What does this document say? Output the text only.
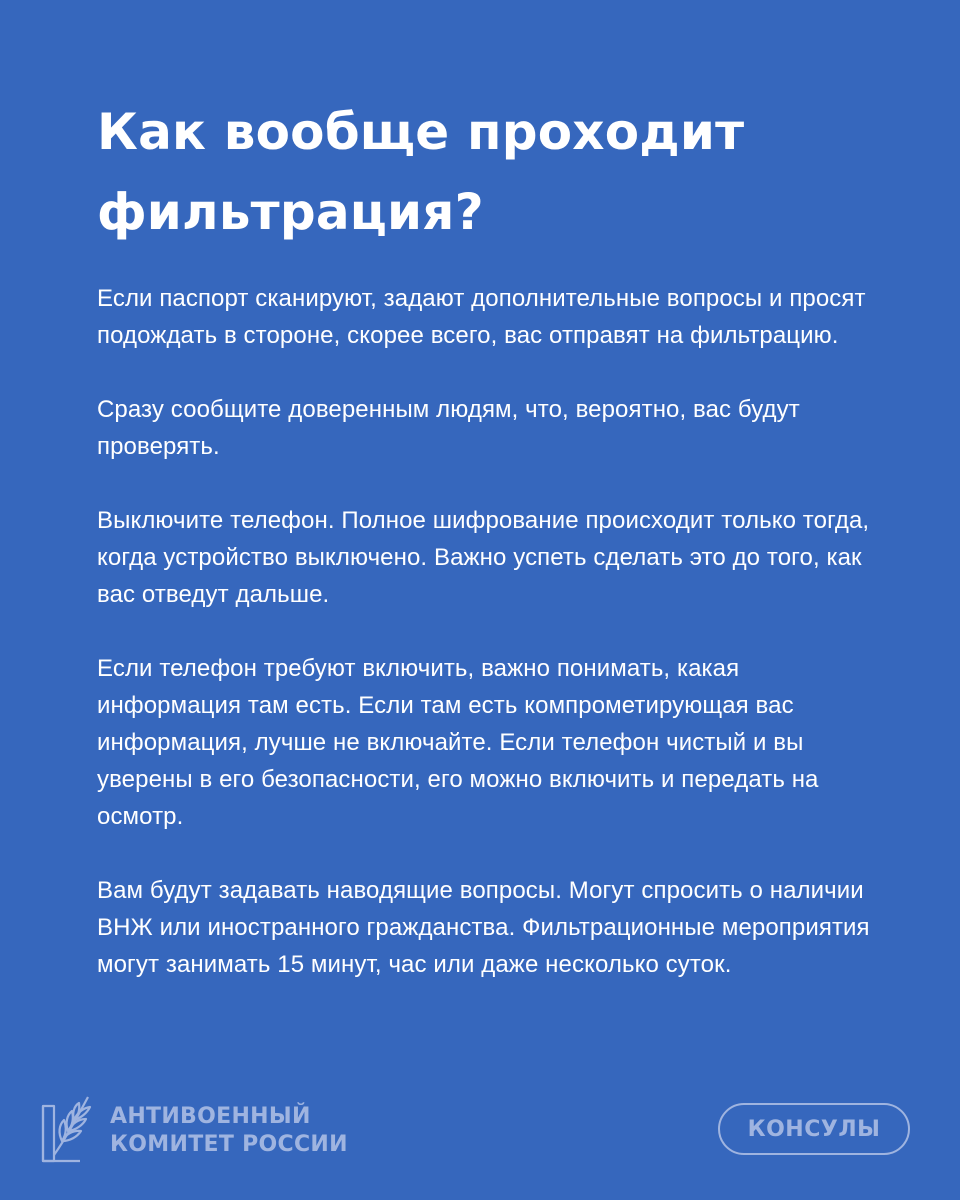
Как вообще проходит фильтрация?

Если паспорт сканируют, задают дополнительные вопросы и просят подождать в стороне, скорее всего, вас отправят на фильтрацию.

Сразу сообщите доверенным людям, что, вероятно, вас будут проверять.

Выключите телефон. Полное шифрование происходит только тогда, когда устройство выключено. Важно успеть сделать это до того, как вас отведут дальше.

Если телефон требуют включить, важно понимать, какая информация там есть. Если там есть компрометирующая вас информация, лучше не включайте. Если телефон чистый и вы уверены в его безопасности, его можно включить и передать на осмотр.

Вам будут задавать наводящие вопросы. Могут спросить о наличии ВНЖ или иностранного гражданства. Фильтрационные мероприятия могут занимать 15 минут, час или даже несколько суток.

АНТИВОЕННЫЙ
КОМИТЕТ РОССИИ
КОНСУЛЫ
